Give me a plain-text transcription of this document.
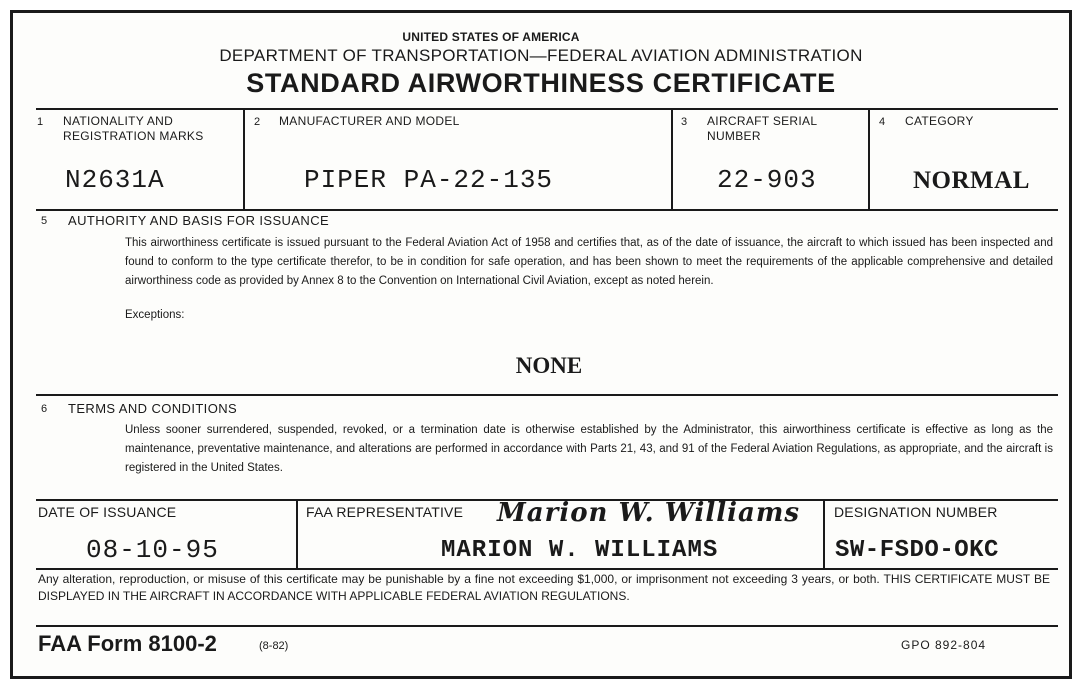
UNITED STATES OF AMERICA
DEPARTMENT OF TRANSPORTATION—FEDERAL AVIATION ADMINISTRATION
STANDARD AIRWORTHINESS CERTIFICATE
1 NATIONALITY AND REGISTRATION MARKS
N2631A
2 MANUFACTURER AND MODEL
PIPER PA-22-135
3 AIRCRAFT SERIAL NUMBER
22-903
4 CATEGORY
NORMAL
5 AUTHORITY AND BASIS FOR ISSUANCE
This airworthiness certificate is issued pursuant to the Federal Aviation Act of 1958 and certifies that, as of the date of issuance, the aircraft to which issued has been inspected and found to conform to the type certificate therefor, to be in condition for safe operation, and has been shown to meet the requirements of the applicable comprehensive and detailed airworthiness code as provided by Annex 8 to the Convention on International Civil Aviation, except as noted herein.
Exceptions:
NONE
6 TERMS AND CONDITIONS
Unless sooner surrendered, suspended, revoked, or a termination date is otherwise established by the Administrator, this airworthiness certificate is effective as long as the maintenance, preventative maintenance, and alterations are performed in accordance with Parts 21, 43, and 91 of the Federal Aviation Regulations, as appropriate, and the aircraft is registered in the United States.
DATE OF ISSUANCE
08-10-95
FAA REPRESENTATIVE Marion W. Williams
MARION W. WILLIAMS
DESIGNATION NUMBER
SW-FSDO-OKC
Any alteration, reproduction, or misuse of this certificate may be punishable by a fine not exceeding $1,000, or imprisonment not exceeding 3 years, or both. THIS CERTIFICATE MUST BE DISPLAYED IN THE AIRCRAFT IN ACCORDANCE WITH APPLICABLE FEDERAL AVIATION REGULATIONS.
FAA Form 8100-2	(8-82)	GPO 892-804
